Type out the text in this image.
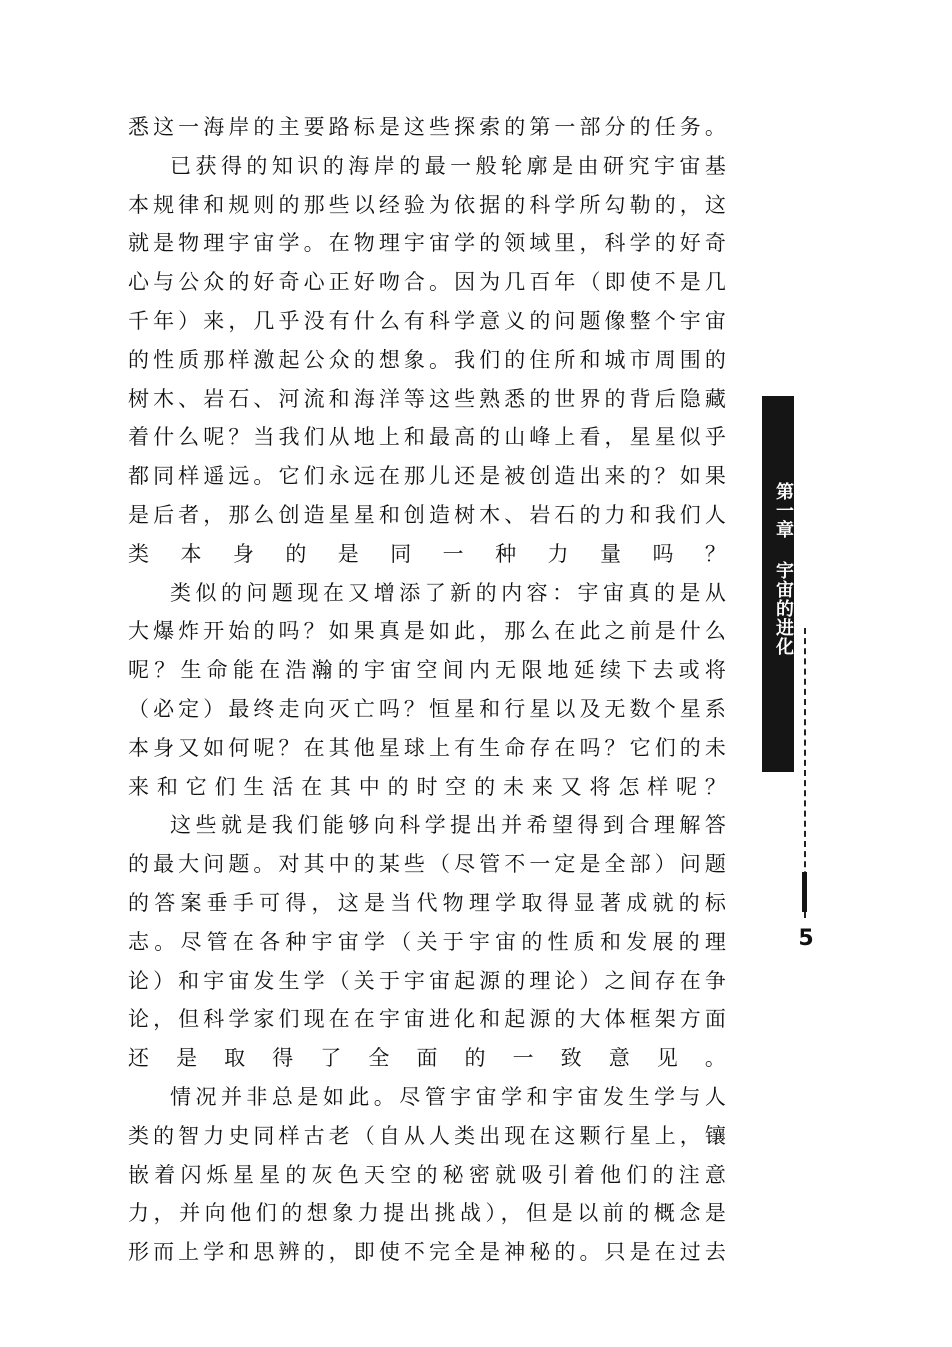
悉这一海岸的主要路标是这些探索的第一部分的任务。

已获得的知识的海岸的最一般轮廓是由研究宇宙基
本规律和规则的那些以经验为依据的科学所勾勒的，这
就是物理宇宙学。在物理宇宙学的领域里，科学的好奇
心与公众的好奇心正好吻合。因为几百年（即使不是几
千年）来，几乎没有什么有科学意义的问题像整个宇宙
的性质那样激起公众的想象。我们的住所和城市周围的
树木、岩石、河流和海洋等这些熟悉的世界的背后隐藏
着什么呢？当我们从地上和最高的山峰上看，星星似乎
都同样遥远。它们永远在那儿还是被创造出来的？如果
是后者，那么创造星星和创造树木、岩石的力和我们人
类本身的是同一种力量吗？

类似的问题现在又增添了新的内容：宇宙真的是从
大爆炸开始的吗？如果真是如此，那么在此之前是什么
呢？生命能在浩瀚的宇宙空间内无限地延续下去或将
（必定）最终走向灭亡吗？恒星和行星以及无数个星系
本身又如何呢？在其他星球上有生命存在吗？它们的未
来和它们生活在其中的时空的未来又将怎样呢？

这些就是我们能够向科学提出并希望得到合理解答
的最大问题。对其中的某些（尽管不一定是全部）问题
的答案垂手可得，这是当代物理学取得显著成就的标
志。尽管在各种宇宙学（关于宇宙的性质和发展的理
论）和宇宙发生学（关于宇宙起源的理论）之间存在争
论，但科学家们现在在宇宙进化和起源的大体框架方面
还是取得了全面的一致意见。

情况并非总是如此。尽管宇宙学和宇宙发生学与人
类的智力史同样古老（自从人类出现在这颗行星上，镶
嵌着闪烁星星的灰色天空的秘密就吸引着他们的注意
力，并向他们的想象力提出挑战），但是以前的概念是
形而上学和思辨的，即使不完全是神秘的。只是在过去

第一章 宇宙的进化
5
